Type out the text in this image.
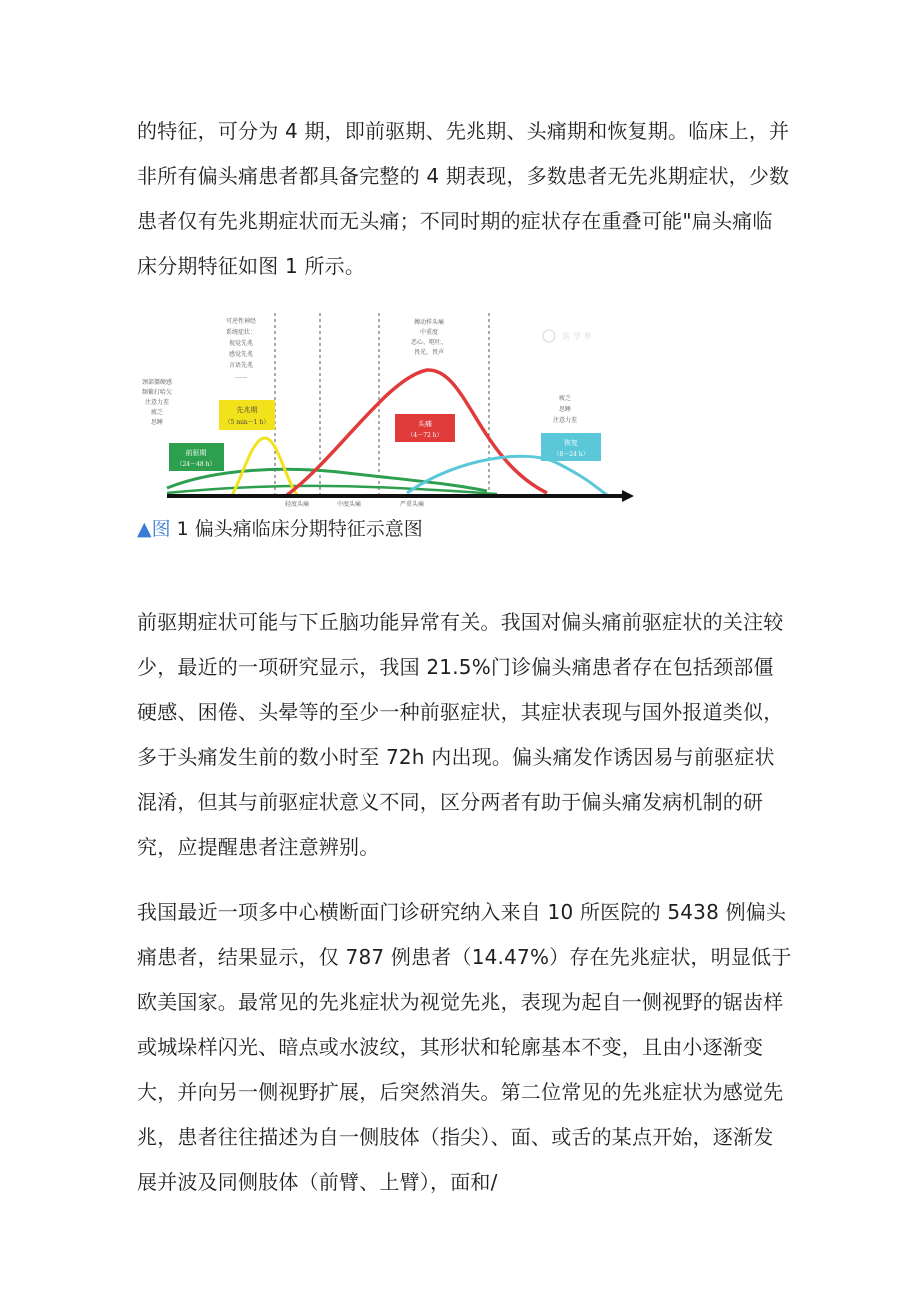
的特征，可分为 4 期，即前驱期、先兆期、头痛期和恢复期。临床上，并非所有偏头痛患者都具备完整的 4 期表现，多数患者无先兆期症状，少数患者仅有先兆期症状而无头痛；不同时期的症状存在重叠可能"扁头痛临床分期特征如图 1 所示。

前驱期
（24～48 h）
先兆期
（5 min～1 h）	头痛
（4～72 h）
恢复
（8～24 h）
颈部僵硬感
频繁打哈欠
注意力差
疲乏
思睡
可逆性神经
系统症状：
视觉先兆
感觉先兆
言语先兆
……
搏动样头痛
中重度
恶心、呕吐、
畏光、畏声
疲乏
思睡
注意力差
轻度头痛	中度头痛	严重头痛
医 学 界
▲图 1 偏头痛临床分期特征示意图

前驱期症状可能与下丘脑功能异常有关。我国对偏头痛前驱症状的关注较少，最近的一项研究显示，我国 21.5%门诊偏头痛患者存在包括颈部僵硬感、困倦、头晕等的至少一种前驱症状，其症状表现与国外报道类似，多于头痛发生前的数小时至 72h 内出现。偏头痛发作诱因易与前驱症状混淆，但其与前驱症状意义不同，区分两者有助于偏头痛发病机制的研究，应提醒患者注意辨别。

我国最近一项多中心横断面门诊研究纳入来自 10 所医院的 5438 例偏头痛患者，结果显示，仅 787 例患者（14.47%）存在先兆症状，明显低于欧美国家。最常见的先兆症状为视觉先兆，表现为起自一侧视野的锯齿样或城垛样闪光、暗点或水波纹，其形状和轮廓基本不变，且由小逐渐变大，并向另一侧视野扩展，后突然消失。第二位常见的先兆症状为感觉先兆，患者往往描述为自一侧肢体（指尖）、面、或舌的某点开始，逐渐发展并波及同侧肢体（前臂、上臂），面和/
